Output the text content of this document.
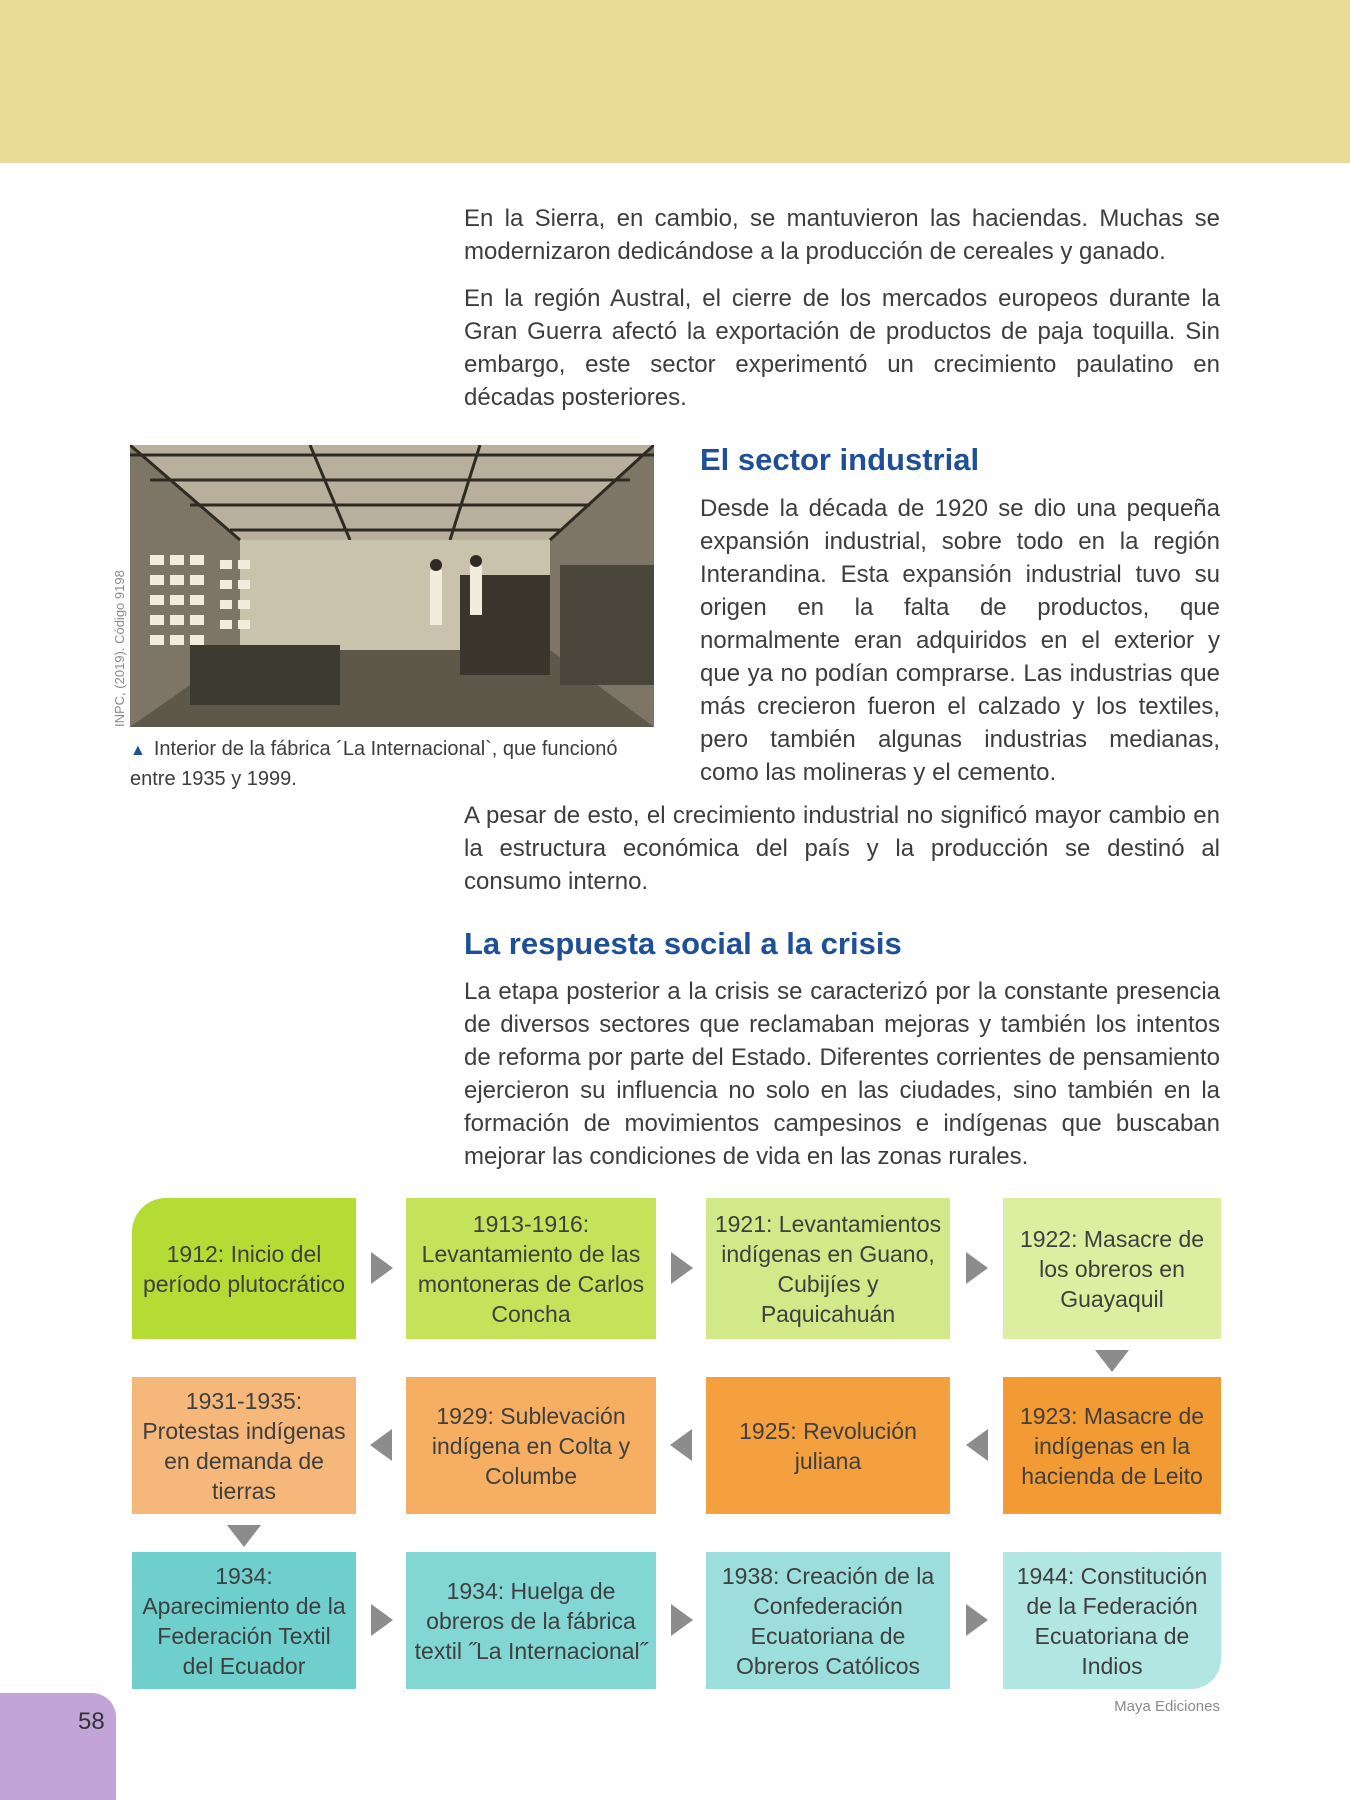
En la Sierra, en cambio, se mantuvieron las haciendas. Muchas se modernizaron dedicándose a la producción de cereales y ganado.

En la región Austral, el cierre de los mercados europeos durante la Gran Guerra afectó la exportación de productos de paja toquilla. Sin embargo, este sector experimentó un crecimiento paulatino en décadas posteriores.

INPC, (2019). Código 9198
▲ Interior de la fábrica ´La Internacional`, que funcionó entre 1935 y 1999.
El sector industrial

Desde la década de 1920 se dio una pequeña expansión industrial, sobre todo en la región Interandina. Esta expansión industrial tuvo su origen en la falta de productos, que normalmente eran adquiridos en el exterior y que ya no podían comprarse. Las industrias que más crecieron fueron el calzado y los textiles, pero también algunas industrias medianas, como las molineras y el cemento.

A pesar de esto, el crecimiento industrial no significó mayor cambio en la estructura económica del país y la producción se destinó al consumo interno.

La respuesta social a la crisis

La etapa posterior a la crisis se caracterizó por la constante presencia de diversos sectores que reclamaban mejoras y también los intentos de reforma por parte del Estado. Diferentes corrientes de pensamiento ejercieron su influencia no solo en las ciudades, sino también en la formación de movimientos campesinos e indígenas que buscaban mejorar las condiciones de vida en las zonas rurales.

1912: Inicio del período plutocrático
1913-1916: Levantamiento de las montoneras de Carlos Concha
1921: Levantamientos indígenas en Guano, Cubijíes y Paquicahuán
1922: Masacre de los obreros en Guayaquil
1931-1935: Protestas indígenas en demanda de tierras
1929: Sublevación indígena en Colta y Columbe
1925: Revolución juliana
1923: Masacre de indígenas en la hacienda de Leito
1934: Aparecimiento de la Federación Textil del Ecuador
1934: Huelga de obreros de la fábrica textil ˝La Internacional˝
1938: Creación de la Confederación Ecuatoriana de Obreros Católicos
1944: Constitución de la Federación Ecuatoriana de Indios
58
Maya Ediciones
